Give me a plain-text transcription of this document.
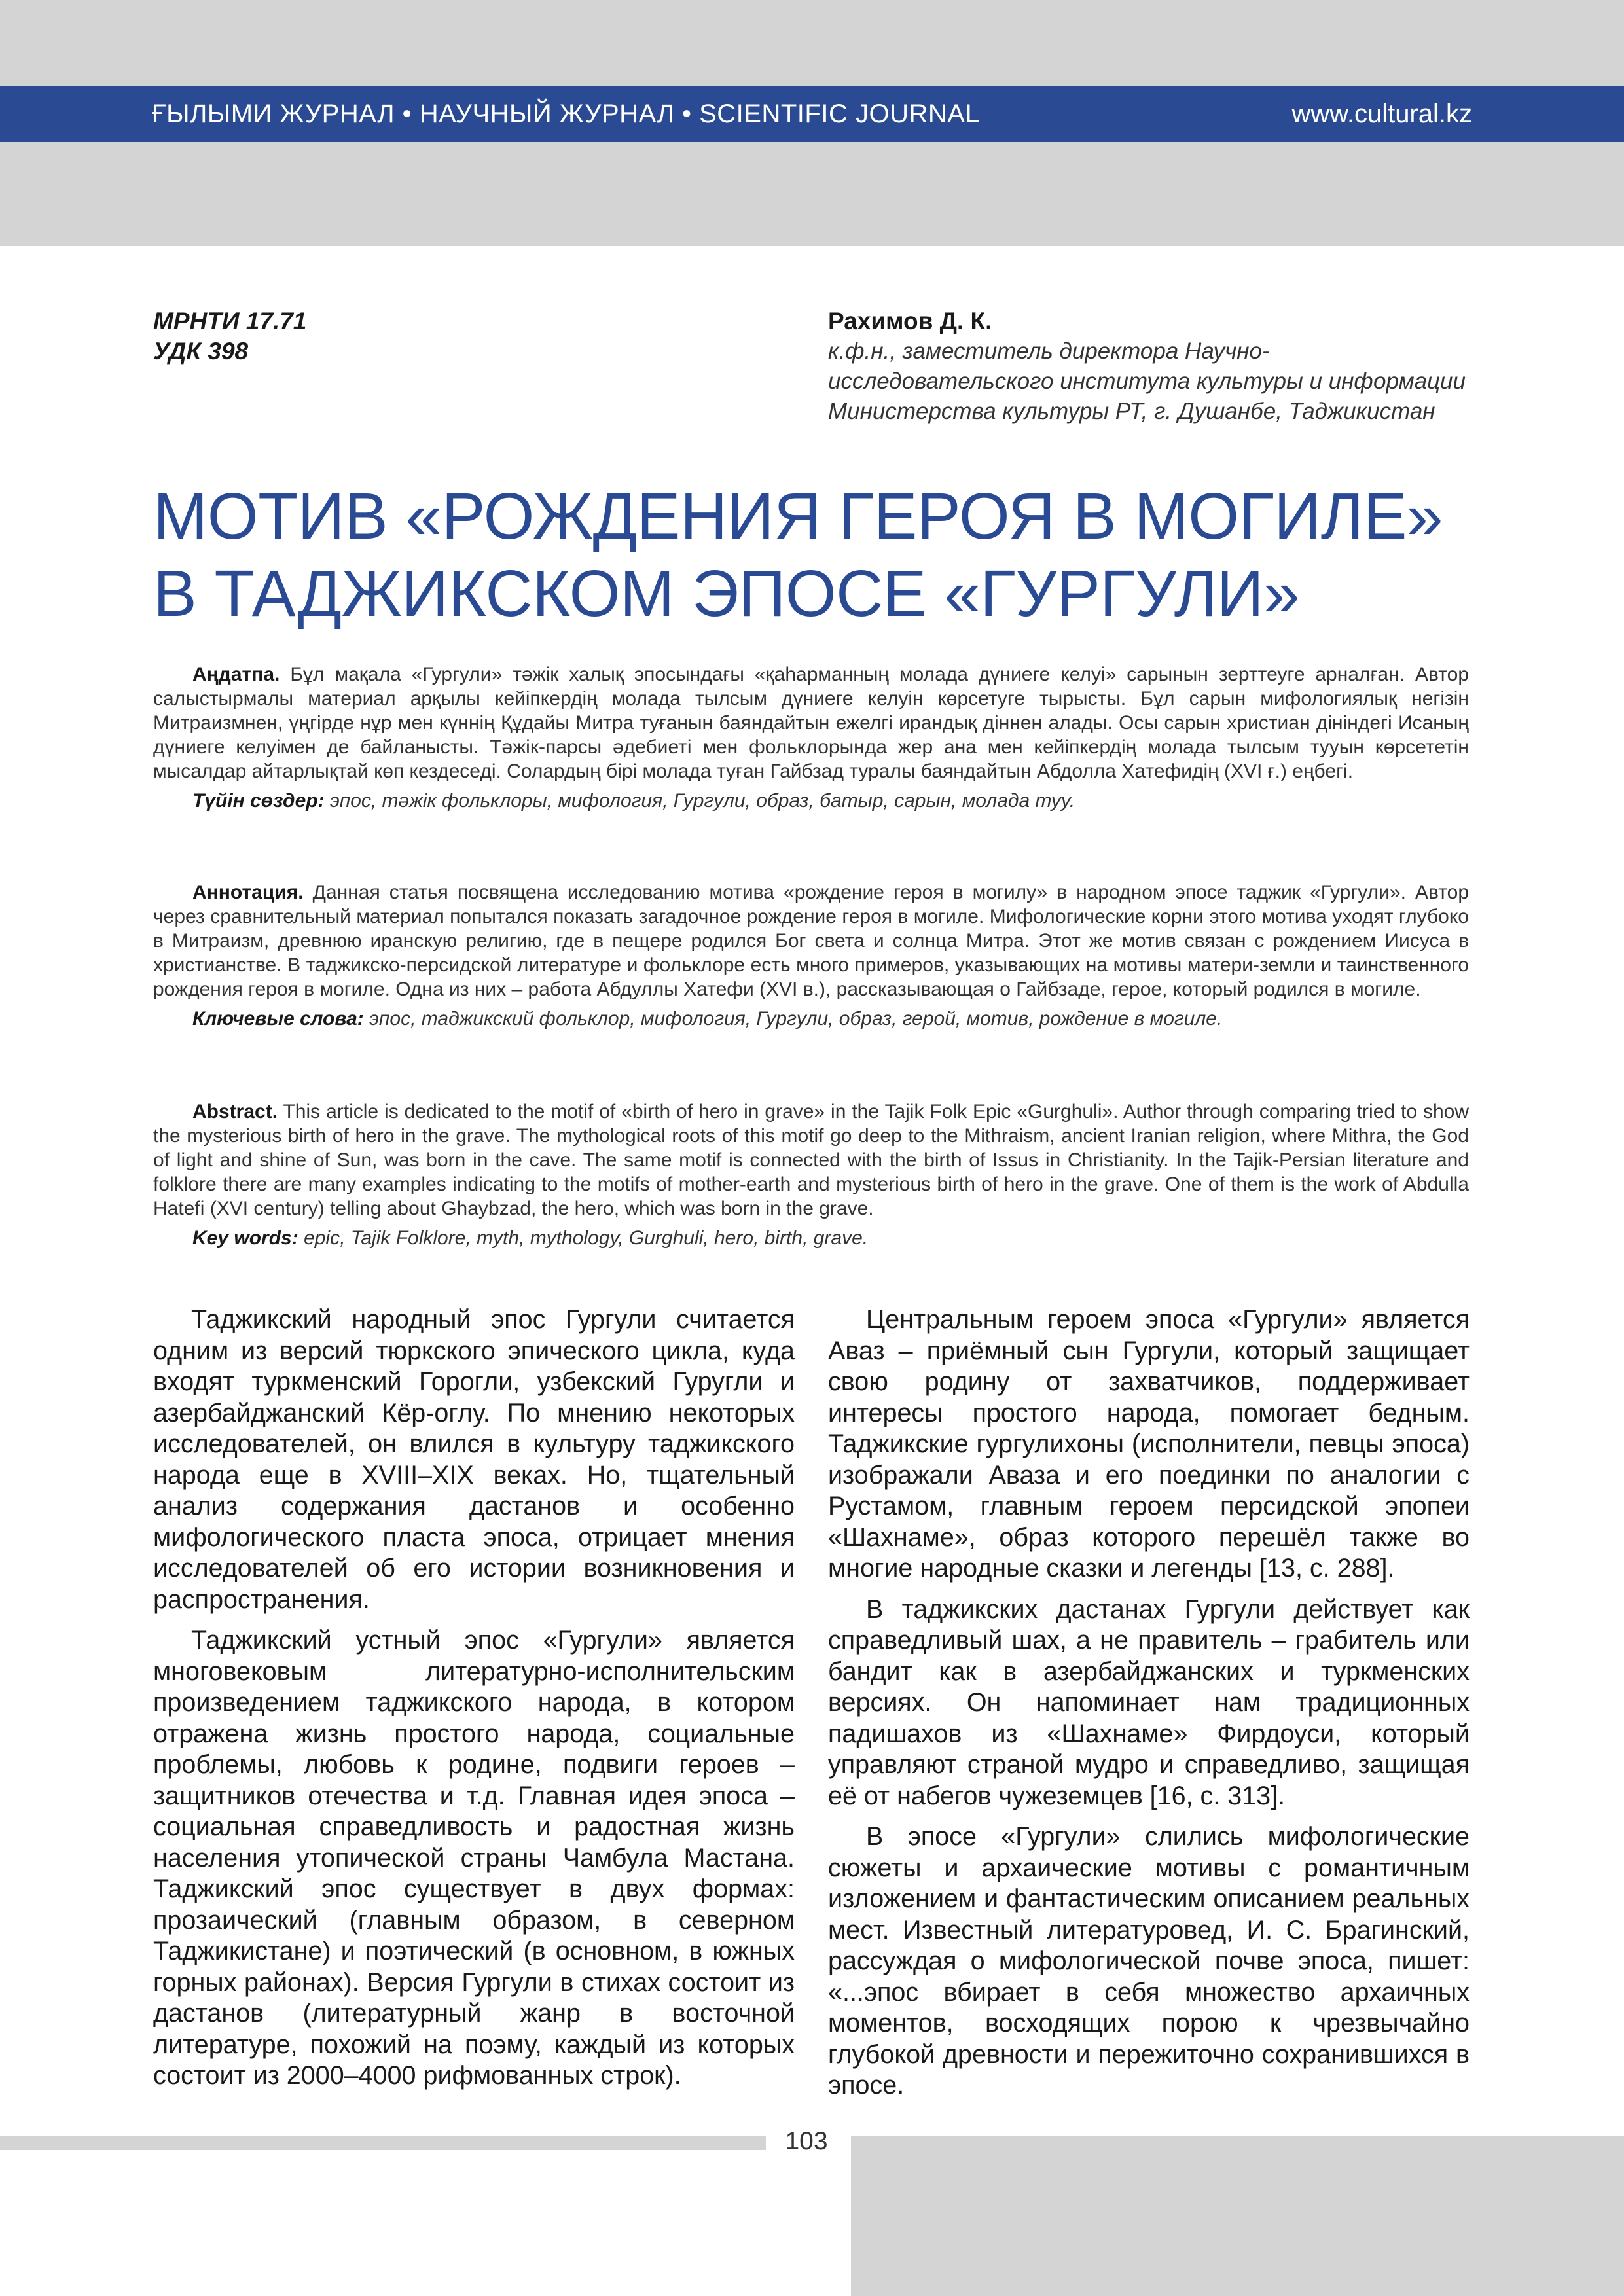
ҒЫЛЫМИ ЖУРНАЛ • НАУЧНЫЙ ЖУРНАЛ • SCIENTIFIC JOURNAL	www.cultural.kz
МРНТИ 17.71
УДК 398
Рахимов Д. К.
к.ф.н., заместитель директора Научно-исследовательского института культуры и информации Министерства культуры РТ, г. Душанбе, Таджикистан
МОТИВ «РОЖДЕНИЯ ГЕРОЯ В МОГИЛЕ»
В ТАДЖИКСКОМ ЭПОСЕ «ГУРГУЛИ»

Аңдатпа. Бұл мақала «Гургули» тәжік халық эпосындағы «қаһарманның молада дүниеге келуі» сарынын зерттеуге арналған. Автор салыстырмалы материал арқылы кейіпкердің молада тылсым дүниеге келуін көрсетуге тырысты. Бұл сарын мифологиялық негізін Митраизмнен, үңгірде нұр мен күннің Құдайы Митра туғанын баяндайтын ежелгі ирандық діннен алады. Осы сарын христиан дініндегі Исаның дүниеге келуімен де байланысты. Тәжік-парсы әдебиеті мен фольклорында жер ана мен кейіпкердің молада тылсым тууын көрсететін мысалдар айтарлықтай көп кездеседі. Солардың бірі молада туған Гайбзад туралы баяндайтын Абдолла Хатефидің (XVI ғ.) еңбегі.

Түйін сөздер: эпос, тәжік фольклоры, мифология, Гургули, образ, батыр, сарын, молада туу.

Аннотация. Данная статья посвящена исследованию мотива «рождение героя в могилу» в народном эпосе таджик «Гургули». Автор через сравнительный материал попытался показать загадочное рождение героя в могиле. Мифологические корни этого мотива уходят глубоко в Митраизм, древнюю иранскую религию, где в пещере родился Бог света и солнца Митра. Этот же мотив связан с рождением Иисуса в христианстве. В таджикско-персидской литературе и фольклоре есть много примеров, указывающих на мотивы матери-земли и таинственного рождения героя в могиле. Одна из них – работа Абдуллы Хатефи (XVI в.), рассказывающая о Гайбзаде, герое, который родился в могиле.

Ключевые слова: эпос, таджикский фольклор, мифология, Гургули, образ, герой, мотив, рождение в могиле.

Abstract. This article is dedicated to the motif of «birth of hero in grave» in the Tajik Folk Epic «Gurghuli». Author through comparing tried to show the mysterious birth of hero in the grave. The mythological roots of this motif go deep to the Mithraism, ancient Iranian religion, where Mithra, the God of light and shine of Sun, was born in the cave. The same motif is connected with the birth of Issus in Christianity. In the Tajik-Persian literature and folklore there are many examples indicating to the motifs of mother-earth and mysterious birth of hero in the grave. One of them is the work of Abdulla Hatefi (XVI century) telling about Ghaybzad, the hero, which was born in the grave.

Key words: epic, Tajik Folklore, myth, mythology, Gurghuli, hero, birth, grave.

Таджикский народный эпос Гургули считается одним из версий тюркского эпического цикла, куда входят туркменский Горогли, узбекский Гуругли и азербайджанский Кёр-оглу. По мнению некоторых исследователей, он влился в культуру таджикского народа еще в XVIII–XIX веках. Но, тщательный анализ содержания дастанов и особенно мифологического пласта эпоса, отрицает мнения исследователей об его истории возникновения и распространения.

Таджикский устный эпос «Гургули» является многовековым литературно-исполнительским произведением таджикского народа, в котором отражена жизнь простого народа, социальные проблемы, любовь к родине, подвиги героев – защитников отечества и т.д. Главная идея эпоса – социальная справедливость и радостная жизнь населения утопической страны Чамбула Мастана. Таджикский эпос существует в двух формах: прозаический (главным образом, в северном Таджикистане) и поэтический (в основном, в южных горных районах). Версия Гургули в стихах состоит из дастанов (литературный жанр в восточной литературе, похожий на поэму, каждый из которых состоит из 2000–4000 рифмованных строк).

Центральным героем эпоса «Гургули» является Аваз – приёмный сын Гургули, который защищает свою родину от захватчиков, поддерживает интересы простого народа, помогает бедным. Таджикские гургулихоны (исполнители, певцы эпоса) изображали Аваза и его поединки по аналогии с Рустамом, главным героем персидской эпопеи «Шахнаме», образ которого перешёл также во многие народные сказки и легенды [13, с. 288].

В таджикских дастанах Гургули действует как справедливый шах, а не правитель – грабитель или бандит как в азербайджанских и туркменских версиях. Он напоминает нам традиционных падишахов из «Шахнаме» Фирдоуси, который управляют страной мудро и справедливо, защищая её от набегов чужеземцев [16, с. 313].

В эпосе «Гургули» слились мифологические сюжеты и архаические мотивы с романтичным изложением и фантастическим описанием реальных мест. Известный литературовед, И. С. Брагинский, рассуждая о мифологической почве эпоса, пишет: «...эпос вбирает в себя множество архаичных моментов, восходящих порою к чрезвычайно глубокой древности и пережиточно сохранившихся в эпосе.

103
